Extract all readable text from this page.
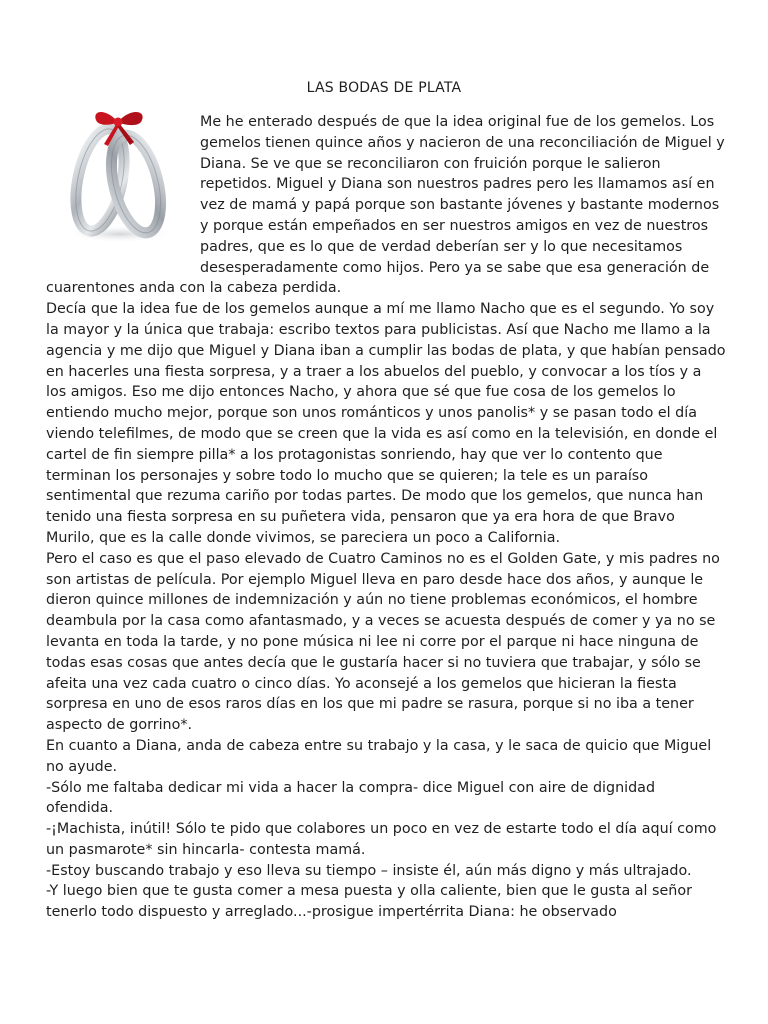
LAS BODAS DE PLATA

Me he enterado después de que la idea original fue de los gemelos. Los gemelos tienen quince años y nacieron de una reconciliación de Miguel y Diana. Se ve que se reconciliaron con fruición porque le salieron repetidos. Miguel y Diana son nuestros padres pero les llamamos así en vez de mamá y papá porque son bastante jóvenes y bastante modernos y porque están empeñados en ser nuestros amigos en vez de nuestros padres, que es lo que de verdad deberían ser y lo que necesitamos desesperadamente como hijos. Pero ya se sabe que esa generación de cuarentones anda con la cabeza perdida.

Decía que la idea fue de los gemelos aunque a mí me llamo Nacho que es el segundo. Yo soy la mayor y la única que trabaja: escribo textos para publicistas. Así que Nacho me llamo a la agencia y me dijo que Miguel y Diana iban a cumplir las bodas de plata, y que habían pensado en hacerles una fiesta sorpresa, y a traer a los abuelos del pueblo, y convocar a los tíos y a los amigos. Eso me dijo entonces Nacho, y ahora que sé que fue cosa de los gemelos lo entiendo mucho mejor, porque son unos románticos y unos panolis* y se pasan todo el día viendo telefilmes, de modo que se creen que la vida es así como en la televisión, en donde el cartel de fin siempre pilla* a los protagonistas sonriendo, hay que ver lo contento que terminan los personajes y sobre todo lo mucho que se quieren; la tele es un paraíso sentimental que rezuma cariño por todas partes. De modo que los gemelos, que nunca han tenido una fiesta sorpresa en su puñetera vida, pensaron que ya era hora de que Bravo Murilo, que es la calle donde vivimos, se pareciera un poco a California.

Pero el caso es que el paso elevado de Cuatro Caminos no es el Golden Gate, y mis padres no son artistas de película. Por ejemplo Miguel lleva en paro desde hace dos años, y aunque le dieron quince millones de indemnización y aún no tiene problemas económicos, el hombre deambula por la casa como afantasmado, y a veces se acuesta después de comer y ya no se levanta en toda la tarde, y no pone música ni lee ni corre por el parque ni hace ninguna de todas esas cosas que antes decía que le gustaría hacer si no tuviera que trabajar, y sólo se afeita una vez cada cuatro o cinco días. Yo aconsejé a los gemelos que hicieran la fiesta sorpresa en uno de esos raros días en los que mi padre se rasura, porque si no iba a tener aspecto de gorrino*.

En cuanto a Diana, anda de cabeza entre su trabajo y la casa, y le saca de quicio que Miguel no ayude.

-Sólo me faltaba dedicar mi vida a hacer la compra- dice Miguel con aire de dignidad ofendida.

-¡Machista, inútil! Sólo te pido que colabores un poco en vez de estarte todo el día aquí como un pasmarote* sin hincarla- contesta mamá.

-Estoy buscando trabajo y eso lleva su tiempo – insiste él, aún más digno y más ultrajado.

-Y luego bien que te gusta comer a mesa puesta y olla caliente, bien que le gusta al señor tenerlo todo dispuesto y arreglado...-prosigue impertérrita Diana: he observado
